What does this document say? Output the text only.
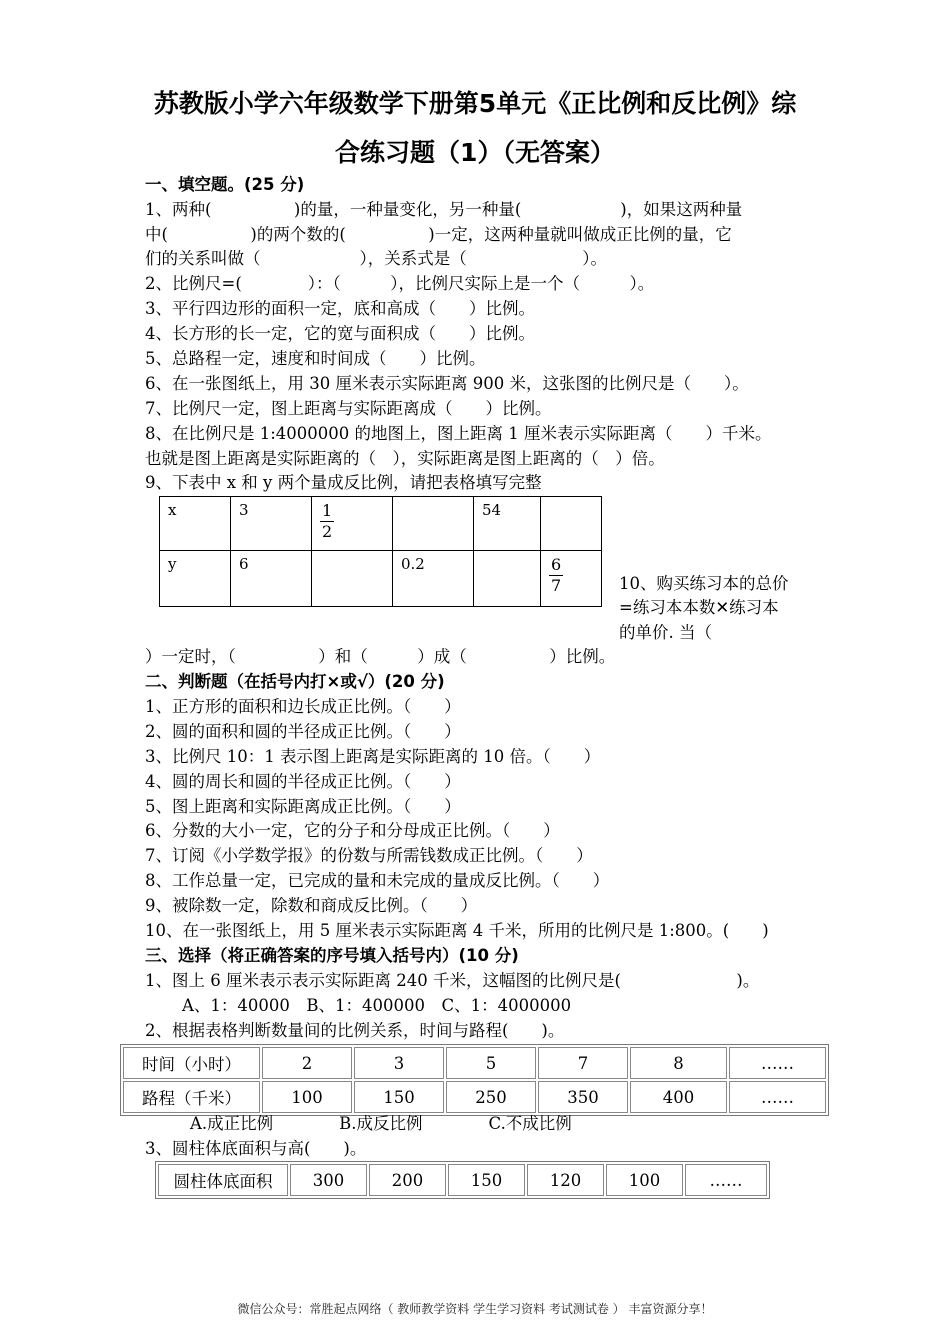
苏教版小学六年级数学下册第5单元《正比例和反比例》综
合练习题（1）（无答案）
一、填空题。(25 分)
1、两种(　　　　　)的量，一种量变化，另一种量(　　　　　　)，如果这两种量
中(　　　　　)的两个数的(　　　　　)一定，这两种量就叫做成正比例的量，它
们的关系叫做（　　　　　　），关系式是（　　　　　　　）。
2、比例尺=(　　　　）：（　　　），比例尺实际上是一个（　　　）。
3、平行四边形的面积一定，底和高成（　　）比例。
4、长方形的长一定，它的宽与面积成（　　）比例。
5、总路程一定，速度和时间成（　　）比例。
6、在一张图纸上，用 30 厘米表示实际距离 900 米，这张图的比例尺是（　　）。
7、比例尺一定，图上距离与实际距离成（　　）比例。
8、在比例尺是 1:4000000 的地图上，图上距离 1 厘米表示实际距离（　　）千米。
也就是图上距离是实际距离的（　），实际距离是图上距离的（　）倍。
9、下表中 x 和 y 两个量成反比例，请把表格填写完整
x	3	$\frac{1}{2}$		54	
y	6		0.2		$\frac{6}{7}$	10、购买练习本的总价
=练习本本数✕练习本
的单价. 当（
）一定时，（　　　　　）和（　　　）成（　　　　　）比例。
二、判断题（在括号内打×或√）(20 分)
1、正方形的面积和边长成正比例。（　　）
2、圆的面积和圆的半径成正比例。（　　）
3、比例尺 10：1 表示图上距离是实际距离的 10 倍。（　　）
4、圆的周长和圆的半径成正比例。（　　）
5、图上距离和实际距离成正比例。（　　）
6、分数的大小一定，它的分子和分母成正比例。（　　）
7、订阅《小学数学报》的份数与所需钱数成正比例。（　　）
8、工作总量一定，已完成的量和未完成的量成反比例。（　　）
9、被除数一定，除数和商成反比例。（　　）
10、在一张图纸上，用 5 厘米表示实际距离 4 千米，所用的比例尺是 1:800。(　　)
三、选择（将正确答案的序号填入括号内）(10 分)
1、图上 6 厘米表示表示实际距离 240 千米，这幅图的比例尺是(　　　　　　　)。
A、1：40000　B、1：400000　C、1：4000000
2、根据表格判断数量间的比例关系，时间与路程(　　)。
时间（小时）	2	3	5	7	8	……
路程（千米）	100	150	250	350	400	……
A.成正比例　　　　B.成反比例　　　　C.不成比例
3、圆柱体底面积与高(　　)。
圆柱体底面积	300	200	150	120	100	……
微信公众号：常胜起点网络（ 教师教学资料 学生学习资料 考试测试卷 ） 丰富资源分享！
